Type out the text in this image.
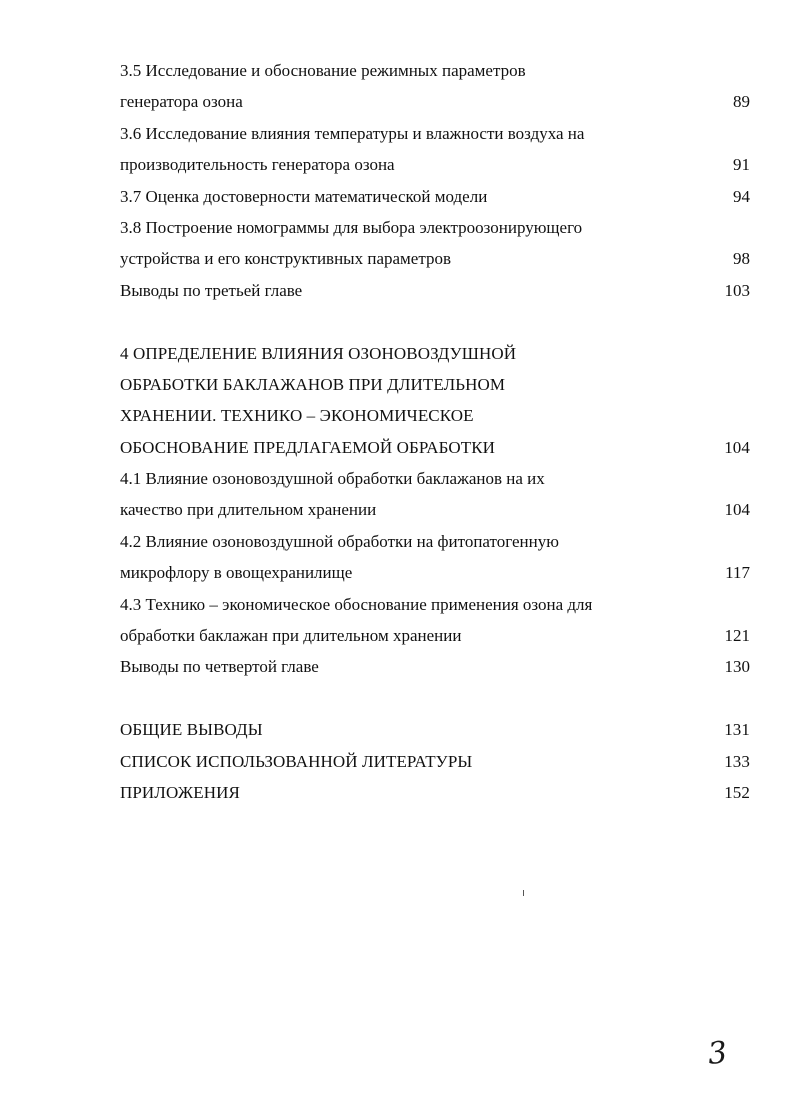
3.5 Исследование и обоснование режимных параметров
генератора озона	89
3.6 Исследование влияния температуры и влажности воздуха на
производительность генератора озона	91
3.7 Оценка достоверности математической модели	94
3.8 Построение номограммы для выбора электроозонирующего
устройства и его конструктивных параметров	98
Выводы по третьей главе	103
4 ОПРЕДЕЛЕНИЕ ВЛИЯНИЯ ОЗОНОВОЗДУШНОЙ
ОБРАБОТКИ БАКЛАЖАНОВ ПРИ ДЛИТЕЛЬНОМ
ХРАНЕНИИ. ТЕХНИКО – ЭКОНОМИЧЕСКОЕ
ОБОСНОВАНИЕ ПРЕДЛАГАЕМОЙ ОБРАБОТКИ	104
4.1 Влияние озоновоздушной обработки баклажанов на их
качество при длительном хранении	104
4.2 Влияние озоновоздушной обработки на фитопатогенную
микрофлору в овощехранилище	117
4.3 Технико – экономическое обоснование применения озона для
обработки баклажан при длительном хранении	121
Выводы по четвертой главе	130
ОБЩИЕ ВЫВОДЫ	131
СПИСОК ИСПОЛЬЗОВАННОЙ ЛИТЕРАТУРЫ	133
ПРИЛОЖЕНИЯ	152
3
